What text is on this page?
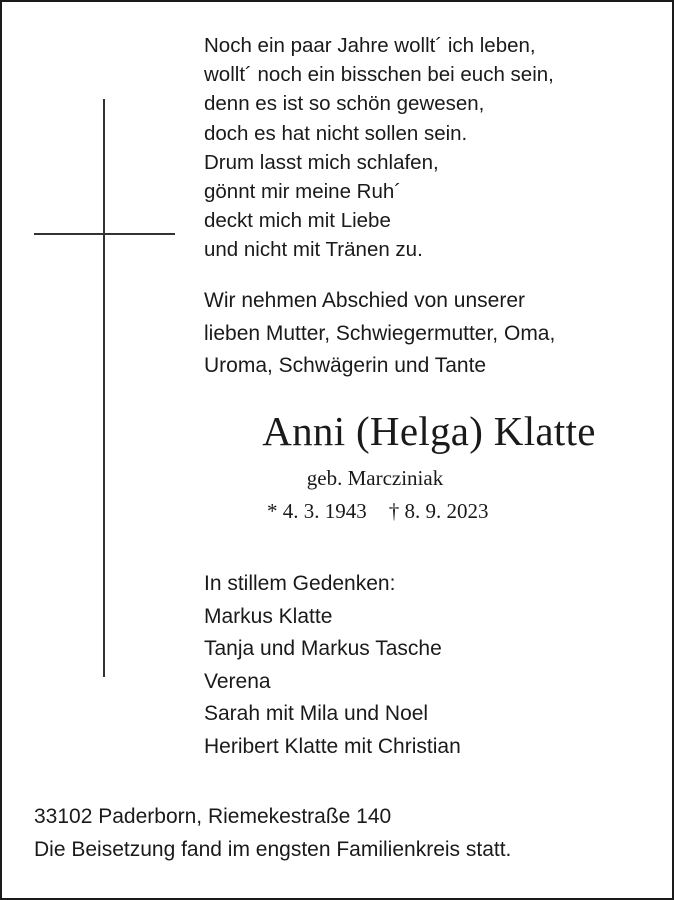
Noch ein paar Jahre wollt´ ich leben,
wollt´ noch ein bisschen bei euch sein,
denn es ist so schön gewesen,
doch es hat nicht sollen sein.
Drum lasst mich schlafen,
gönnt mir meine Ruh´
deckt mich mit Liebe
und nicht mit Tränen zu.
Wir nehmen Abschied von unserer
lieben Mutter, Schwiegermutter, Oma,
Uroma, Schwägerin und Tante
Anni (Helga) Klatte
geb. Marcziniak
* 4. 3. 1943 † 8. 9. 2023
In stillem Gedenken:
Markus Klatte
Tanja und Markus Tasche
Verena
Sarah mit Mila und Noel
Heribert Klatte mit Christian
33102 Paderborn, Riemekestraße 140
Die Beisetzung fand im engsten Familienkreis statt.
